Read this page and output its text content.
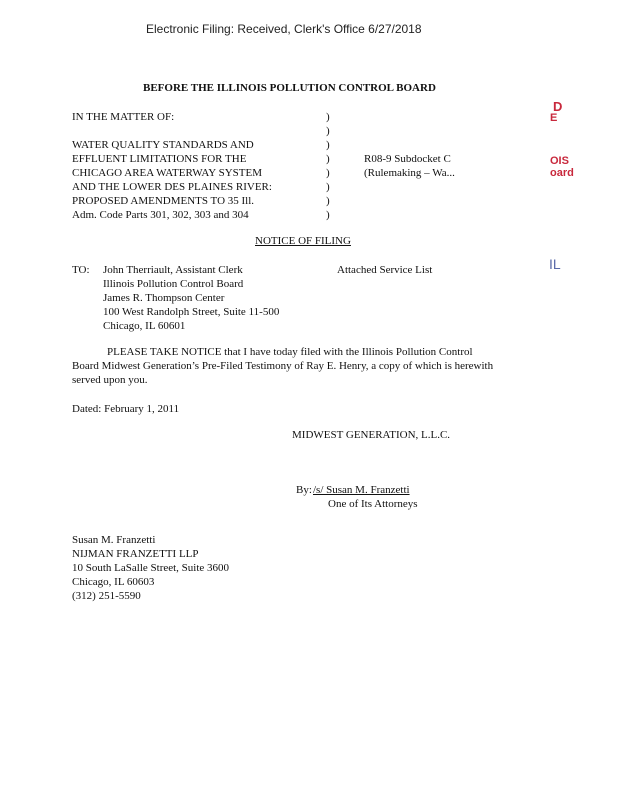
Electronic Filing: Received, Clerk's Office 6/27/2018
BEFORE THE ILLINOIS POLLUTION CONTROL BOARD
IN THE MATTER OF:
WATER QUALITY STANDARDS AND
EFFLUENT LIMITATIONS FOR THE
CHICAGO AREA WATERWAY SYSTEM
AND THE LOWER DES PLAINES RIVER:
PROPOSED AMENDMENTS TO 35 Ill.
Adm. Code Parts 301, 302, 303 and 304
)
)
)
)
)
)
)
)
R08-9 Subdocket C
(Rulemaking – Wa...
NOTICE OF FILING
TO: John Therriault, Assistant Clerk
Illinois Pollution Control Board
James R. Thompson Center
100 West Randolph Street, Suite 11-500
Chicago, IL 60601
Attached Service List
PLEASE TAKE NOTICE that I have today filed with the Illinois Pollution Control
Board Midwest Generation’s Pre-Filed Testimony of Ray E. Henry, a copy of which is herewith
served upon you.
Dated: February 1, 2011
MIDWEST GENERATION, L.L.C.
By: /s/ Susan M. Franzetti
One of Its Attorneys
Susan M. Franzetti
NIJMAN FRANZETTI LLP
10 South LaSalle Street, Suite 3600
Chicago, IL 60603
(312) 251-5590
D
E
OIS
oard
IL
